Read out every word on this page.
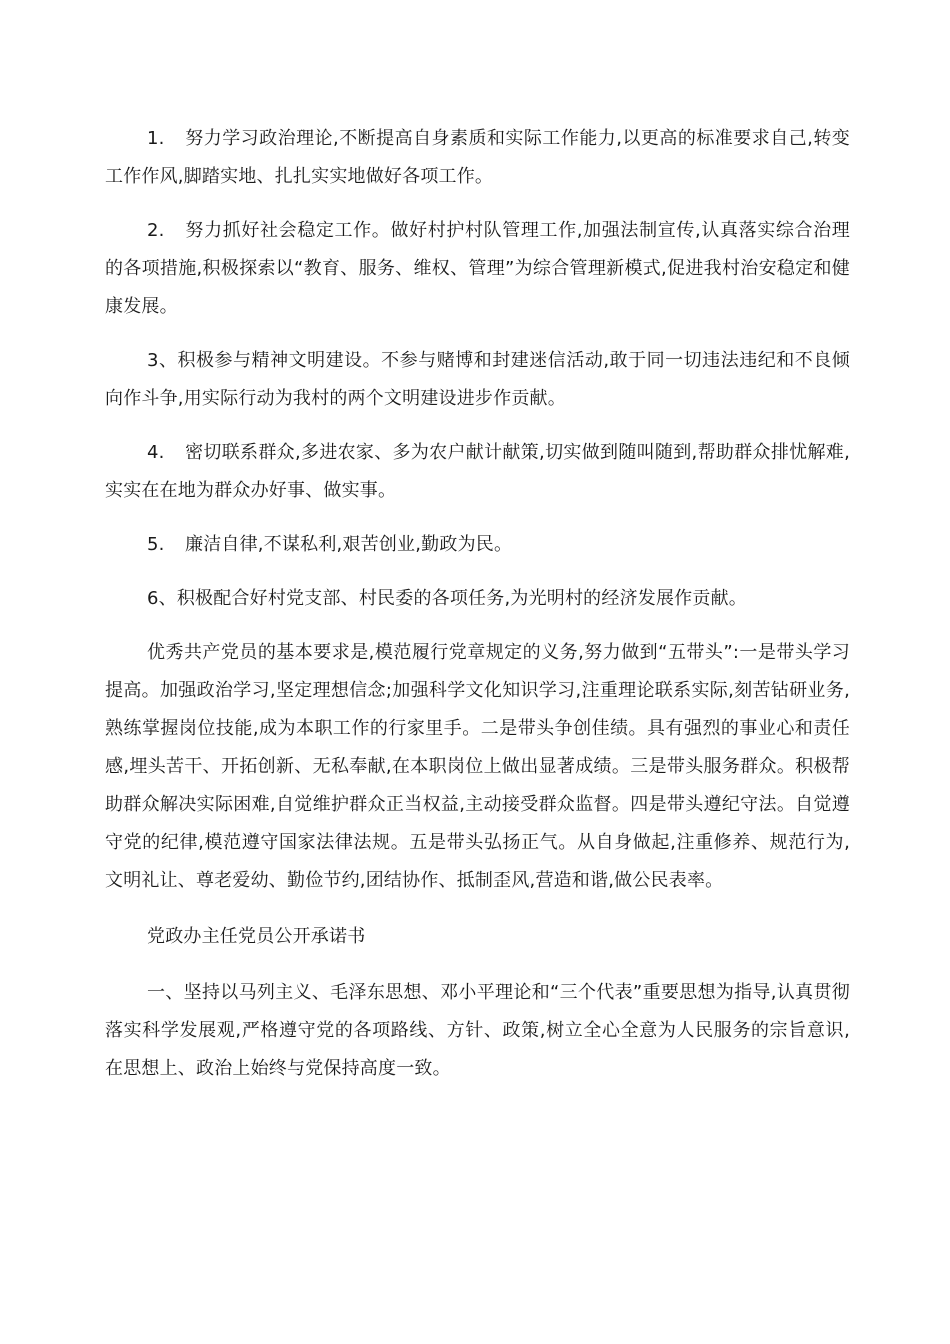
1. 努力学习政治理论,不断提高自身素质和实际工作能力,以更高的标准要求自己,转变工作作风,脚踏实地、扎扎实实地做好各项工作。

2. 努力抓好社会稳定工作。做好村护村队管理工作,加强法制宣传,认真落实综合治理的各项措施,积极探索以“教育、服务、维权、管理”为综合管理新模式,促进我村治安稳定和健康发展。

3、积极参与精神文明建设。不参与赌博和封建迷信活动,敢于同一切违法违纪和不良倾向作斗争,用实际行动为我村的两个文明建设进步作贡献。

4. 密切联系群众,多进农家、多为农户献计献策,切实做到随叫随到,帮助群众排忧解难,实实在在地为群众办好事、做实事。

5. 廉洁自律,不谋私利,艰苦创业,勤政为民。

6、积极配合好村党支部、村民委的各项任务,为光明村的经济发展作贡献。

优秀共产党员的基本要求是,模范履行党章规定的义务,努力做到“五带头”:一是带头学习提高。加强政治学习,坚定理想信念;加强科学文化知识学习,注重理论联系实际,刻苦钻研业务,熟练掌握岗位技能,成为本职工作的行家里手。二是带头争创佳绩。具有强烈的事业心和责任感,埋头苦干、开拓创新、无私奉献,在本职岗位上做出显著成绩。三是带头服务群众。积极帮助群众解决实际困难,自觉维护群众正当权益,主动接受群众监督。四是带头遵纪守法。自觉遵守党的纪律,模范遵守国家法律法规。五是带头弘扬正气。从自身做起,注重修养、规范行为,文明礼让、尊老爱幼、勤俭节约,团结协作、抵制歪风,营造和谐,做公民表率。

党政办主任党员公开承诺书

一、坚持以马列主义、毛泽东思想、邓小平理论和“三个代表”重要思想为指导,认真贯彻落实科学发展观,严格遵守党的各项路线、方针、政策,树立全心全意为人民服务的宗旨意识,在思想上、政治上始终与党保持高度一致。
